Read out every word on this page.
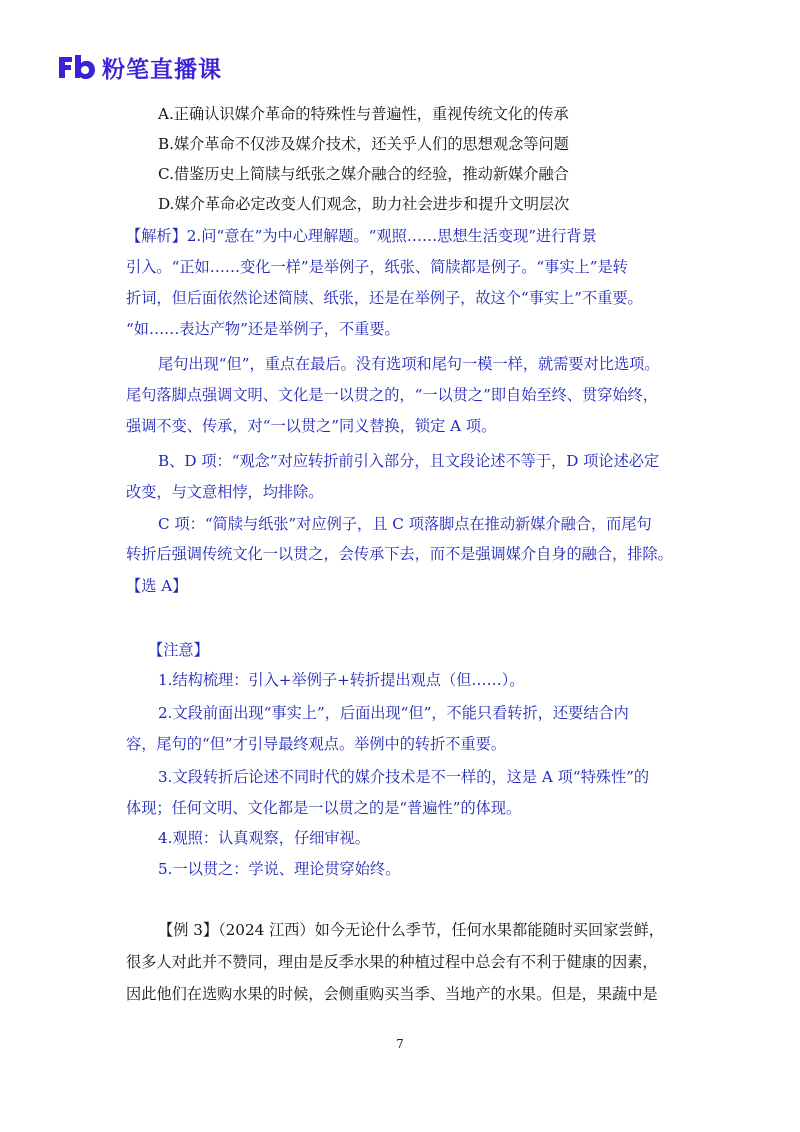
粉笔直播课
A.正确认识媒介革命的特殊性与普遍性，重视传统文化的传承
B.媒介革命不仅涉及媒介技术，还关乎人们的思想观念等问题
C.借鉴历史上简牍与纸张之媒介融合的经验，推动新媒介融合
D.媒介革命必定改变人们观念，助力社会进步和提升文明层次
【解析】2.问“意在”为中心理解题。“观照……思想生活变现”进行背景
引入。“正如……变化一样”是举例子，纸张、简牍都是例子。“事实上”是转
折词，但后面依然论述简牍、纸张，还是在举例子，故这个“事实上”不重要。
“如……表达产物”还是举例子，不重要。
尾句出现“但”，重点在最后。没有选项和尾句一模一样，就需要对比选项。
尾句落脚点强调文明、文化是一以贯之的，“一以贯之”即自始至终、贯穿始终，
强调不变、传承，对“一以贯之”同义替换，锁定 A 项。
B、D 项：“观念”对应转折前引入部分，且文段论述不等于，D 项论述必定
改变，与文意相悖，均排除。
C 项：“简牍与纸张”对应例子，且 C 项落脚点在推动新媒介融合，而尾句
转折后强调传统文化一以贯之，会传承下去，而不是强调媒介自身的融合，排除。
【选 A】
【注意】
1.结构梳理：引入+举例子+转折提出观点（但……）。
2.文段前面出现“事实上”，后面出现“但”，不能只看转折，还要结合内
容，尾句的“但”才引导最终观点。举例中的转折不重要。
3.文段转折后论述不同时代的媒介技术是不一样的，这是 A 项“特殊性”的
体现；任何文明、文化都是一以贯之的是“普遍性”的体现。
4.观照：认真观察，仔细审视。
5.一以贯之：学说、理论贯穿始终。
【例 3】（2024 江西）如今无论什么季节，任何水果都能随时买回家尝鲜，
很多人对此并不赞同，理由是反季水果的种植过程中总会有不利于健康的因素，
因此他们在选购水果的时候，会侧重购买当季、当地产的水果。但是，果蔬中是
7
